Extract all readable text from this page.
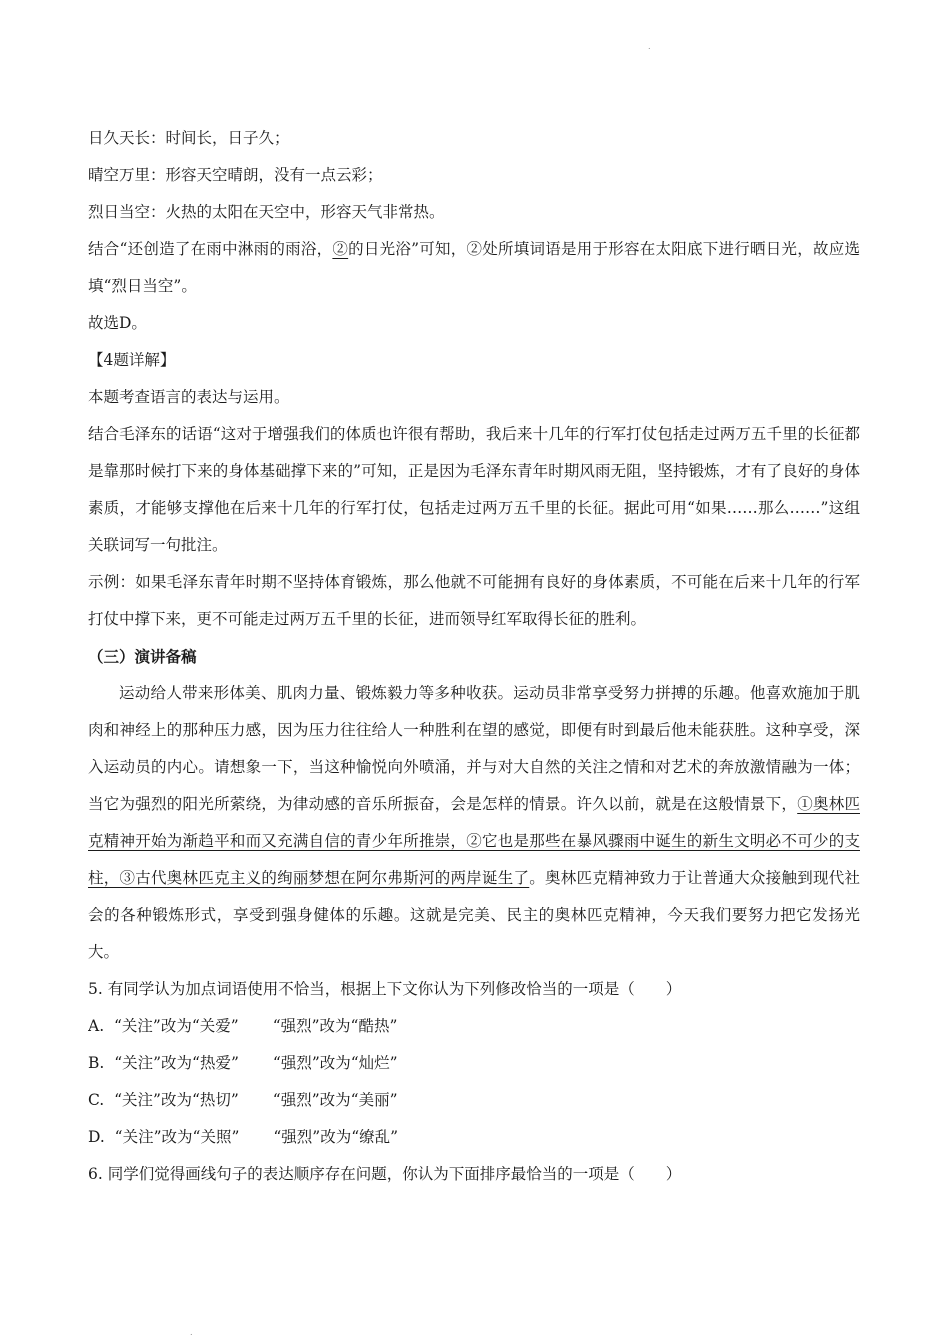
.
日久天长：时间长，日子久；
晴空万里：形容天空晴朗，没有一点云彩；
烈日当空：火热的太阳在天空中，形容天气非常热。
结合“还创造了在雨中淋雨的雨浴，②的日光浴”可知，②处所填词语是用于形容在太阳底下进行晒日光，故应选填“烈日当空”。
故选D。
【4题详解】
本题考查语言的表达与运用。
结合毛泽东的话语“这对于增强我们的体质也许很有帮助，我后来十几年的行军打仗包括走过两万五千里的长征都是靠那时候打下来的身体基础撑下来的”可知，正是因为毛泽东青年时期风雨无阻，坚持锻炼，才有了良好的身体素质，才能够支撑他在后来十几年的行军打仗，包括走过两万五千里的长征。据此可用“如果……那么……”这组关联词写一句批注。
示例：如果毛泽东青年时期不坚持体育锻炼，那么他就不可能拥有良好的身体素质，不可能在后来十几年的行军打仗中撑下来，更不可能走过两万五千里的长征，进而领导红军取得长征的胜利。
（三）演讲备稿
运动给人带来形体美、肌肉力量、锻炼毅力等多种收获。运动员非常享受努力拼搏的乐趣。他喜欢施加于肌肉和神经上的那种压力感，因为压力往往给人一种胜利在望的感觉，即便有时到最后他未能获胜。这种享受，深入运动员的内心。请想象一下，当这种愉悦向外喷涌，并与对大自然的关注之情和对艺术的奔放激情融为一体；当它为强烈的阳光所萦绕，为律动感的音乐所振奋，会是怎样的情景。许久以前，就是在这般情景下，①奥林匹克精神开始为渐趋平和而又充满自信的青少年所推崇，②它也是那些在暴风骤雨中诞生的新生文明必不可少的支柱，③古代奥林匹克主义的绚丽梦想在阿尔弗斯河的两岸诞生了。奥林匹克精神致力于让普通大众接触到现代社会的各种锻炼形式，享受到强身健体的乐趣。这就是完美、民主的奥林匹克精神，今天我们要努力把它发扬光大。
5. 有同学认为加点词语使用不恰当，根据上下文你认为下列修改恰当的一项是（　　）
A. “关注”改为“关爱” “强烈”改为“酷热”
B. “关注”改为“热爱” “强烈”改为“灿烂”
C. “关注”改为“热切” “强烈”改为“美丽”
D. “关注”改为“关照” “强烈”改为“缭乱”
6. 同学们觉得画线句子的表达顺序存在问题，你认为下面排序最恰当的一项是（　　）
.
